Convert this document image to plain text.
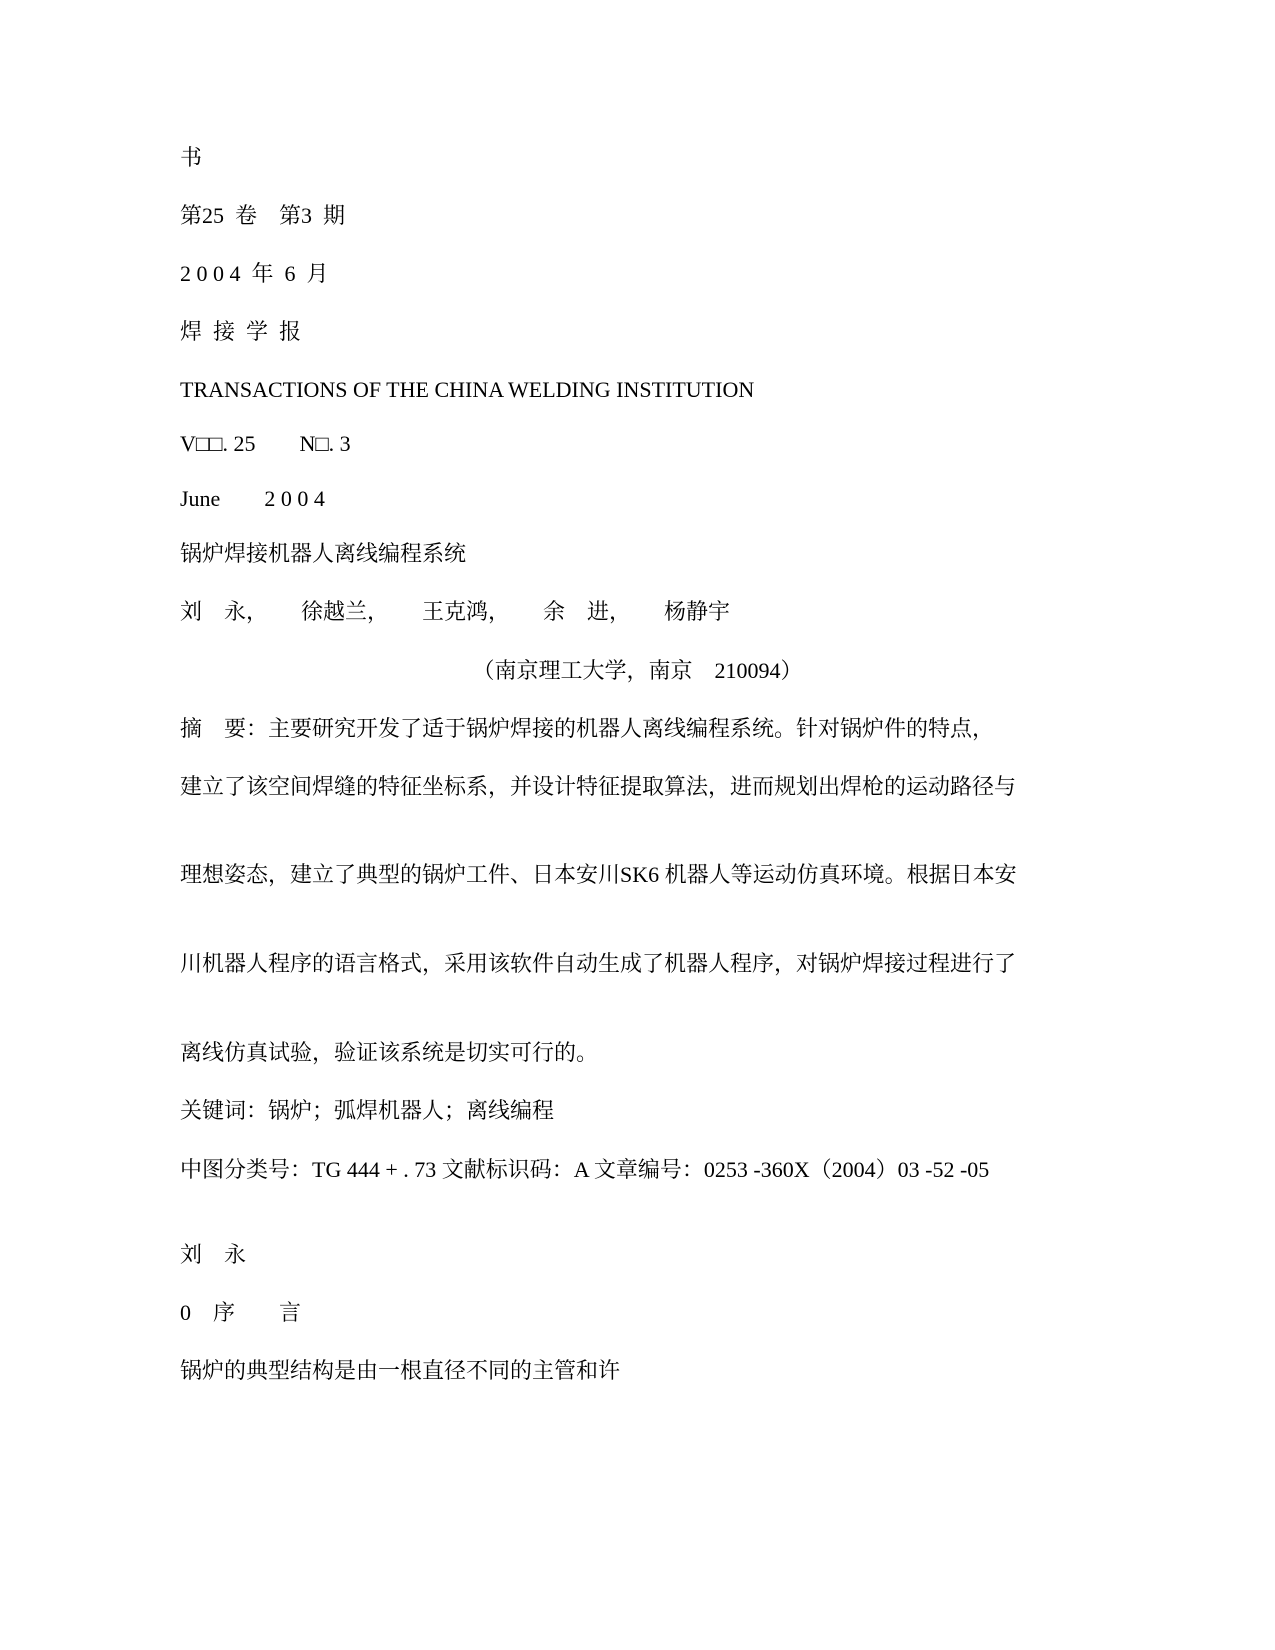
书
第25  卷    第3  期
2 0 0 4  年  6  月
焊  接  学  报
TRANSACTIONS OF THE CHINA WELDING INSTITUTION
V□□. 25        N□. 3
June        2 0 0 4
锅炉焊接机器人离线编程系统
刘    永，      徐越兰，      王克鸿，      余    进，      杨静宇
（南京理工大学，南京    210094）
摘    要：主要研究开发了适于锅炉焊接的机器人离线编程系统。针对锅炉件的特点，
建立了该空间焊缝的特征坐标系，并设计特征提取算法，进而规划出焊枪的运动路径与
理想姿态，建立了典型的锅炉工件、日本安川SK6 机器人等运动仿真环境。根据日本安
川机器人程序的语言格式，采用该软件自动生成了机器人程序，对锅炉焊接过程进行了
离线仿真试验，验证该系统是切实可行的。
关键词：锅炉；弧焊机器人；离线编程
中图分类号：TG 444 + . 73 文献标识码：A 文章编号：0253 -360X（2004）03 -52 -05
刘    永
0    序        言
锅炉的典型结构是由一根直径不同的主管和许
